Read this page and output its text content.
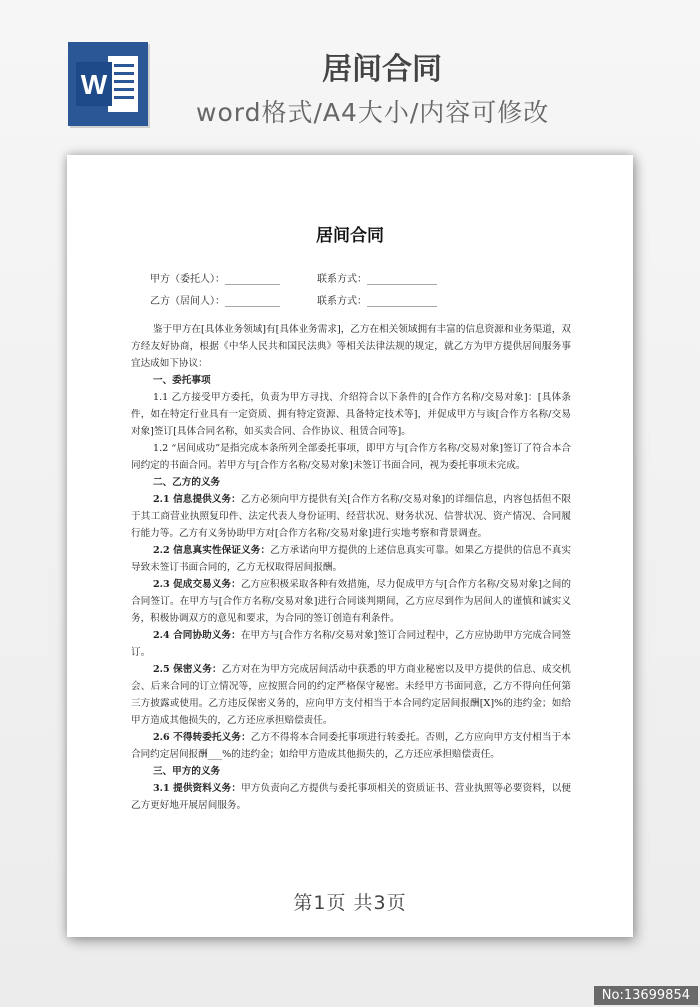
W	居间合同
word格式/A4大小/内容可修改
居间合同
甲方（委托人）：___________	联系方式：______________
乙方（居间人）：___________	联系方式：______________

鉴于甲方在[具体业务领域]有[具体业务需求]，乙方在相关领域拥有丰富的信息资源和业务渠道，双方经友好协商，根据《中华人民共和国民法典》等相关法律法规的规定，就乙方为甲方提供居间服务事宜达成如下协议：

一、委托事项

1.1 乙方接受甲方委托，负责为甲方寻找、介绍符合以下条件的[合作方名称/交易对象]：[具体条件，如在特定行业具有一定资质、拥有特定资源、具备特定技术等]，并促成甲方与该[合作方名称/交易对象]签订[具体合同名称，如买卖合同、合作协议、租赁合同等]。

1.2 “居间成功”是指完成本条所列全部委托事项，即甲方与[合作方名称/交易对象]签订了符合本合同约定的书面合同。若甲方与[合作方名称/交易对象]未签订书面合同，视为委托事项未完成。

二、乙方的义务

2.1 信息提供义务：乙方必须向甲方提供有关[合作方名称/交易对象]的详细信息，内容包括但不限于其工商营业执照复印件、法定代表人身份证明、经营状况、财务状况、信誉状况、资产情况、合同履行能力等。乙方有义务协助甲方对[合作方名称/交易对象]进行实地考察和背景调查。

2.2 信息真实性保证义务：乙方承诺向甲方提供的上述信息真实可靠。如果乙方提供的信息不真实导致未签订书面合同的，乙方无权取得居间报酬。

2.3 促成交易义务：乙方应积极采取各种有效措施，尽力促成甲方与[合作方名称/交易对象]之间的合同签订。在甲方与[合作方名称/交易对象]进行合同谈判期间，乙方应尽到作为居间人的谨慎和诚实义务，积极协调双方的意见和要求，为合同的签订创造有利条件。

2.4 合同协助义务：在甲方与[合作方名称/交易对象]签订合同过程中，乙方应协助甲方完成合同签订。

2.5 保密义务：乙方对在为甲方完成居间活动中获悉的甲方商业秘密以及甲方提供的信息、成交机会、后来合同的订立情况等，应按照合同的约定严格保守秘密。未经甲方书面同意，乙方不得向任何第三方披露或使用。乙方违反保密义务的，应向甲方支付相当于本合同约定居间报酬[X]%的违约金；如给甲方造成其他损失的，乙方还应承担赔偿责任。

2.6 不得转委托义务：乙方不得将本合同委托事项进行转委托。否则，乙方应向甲方支付相当于本合同约定居间报酬___%的违约金；如给甲方造成其他损失的，乙方还应承担赔偿责任。

三、甲方的义务

3.1 提供资料义务：甲方负责向乙方提供与委托事项相关的资质证书、营业执照等必要资料，以便乙方更好地开展居间服务。

第1页 共3页
No:13699854
